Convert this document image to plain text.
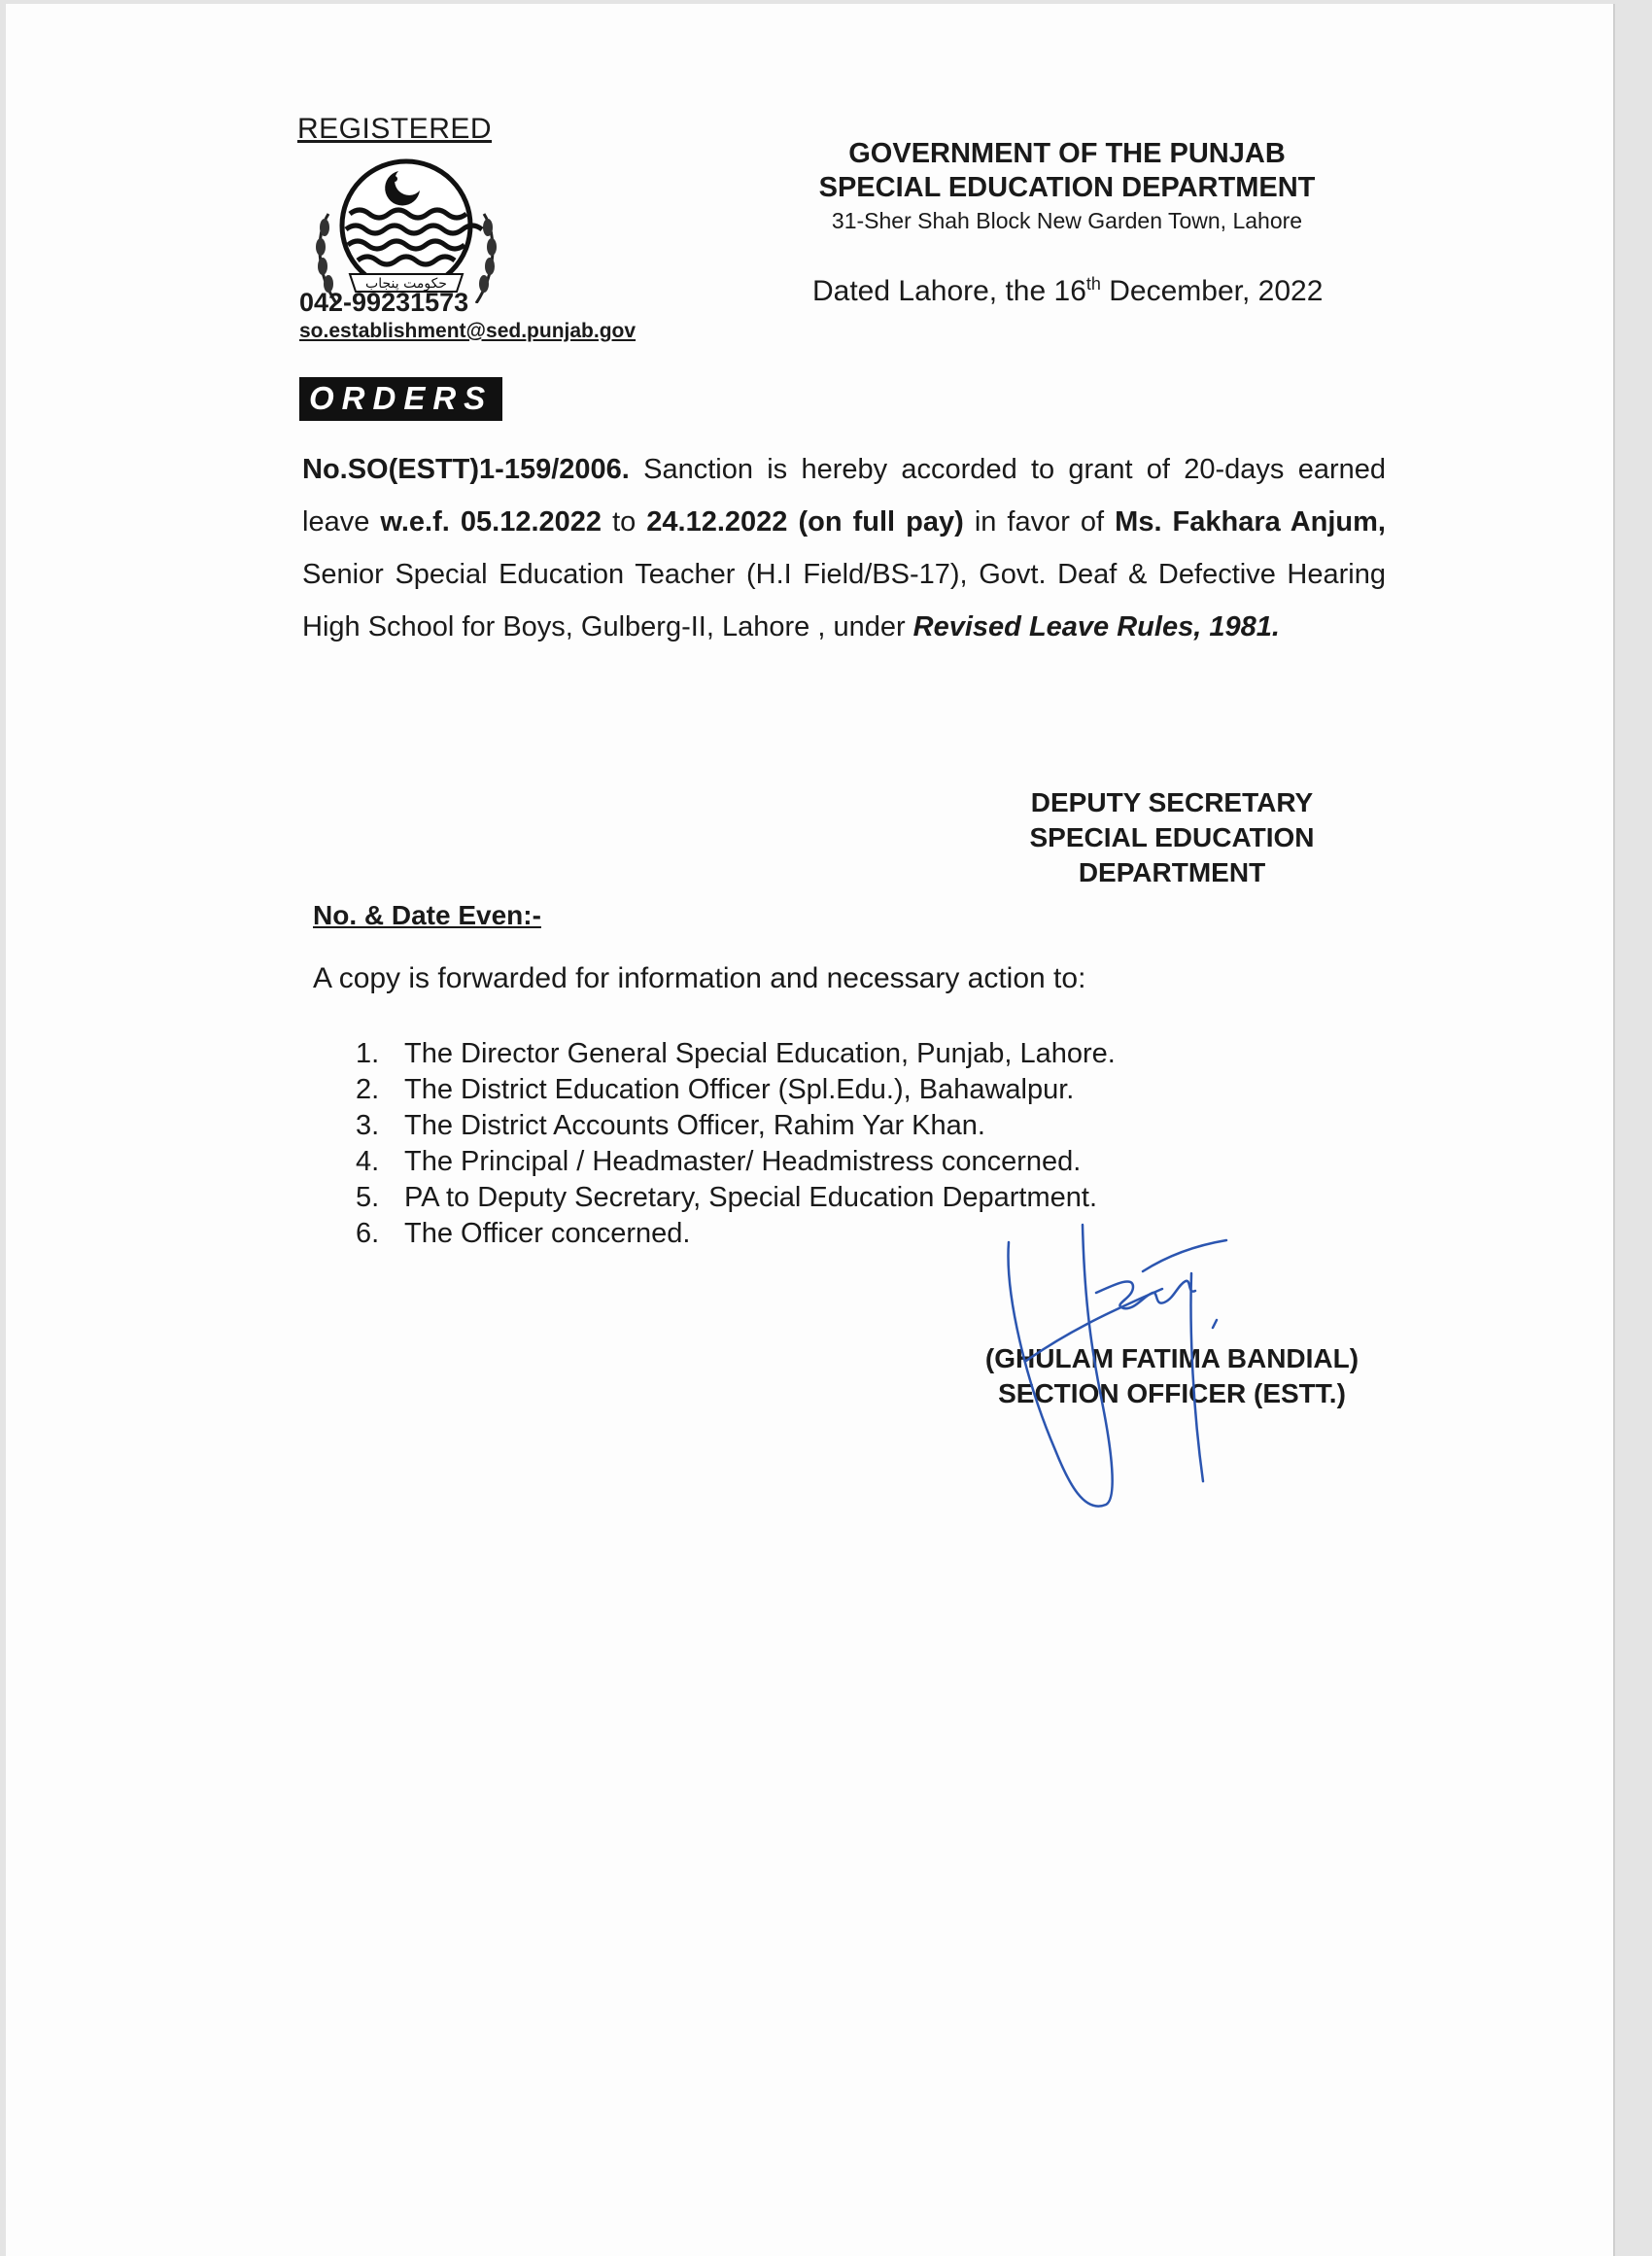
REGISTERED
حکومت پنجاب
042-99231573
so.establishment@sed.punjab.gov
GOVERNMENT OF THE PUNJAB
SPECIAL EDUCATION DEPARTMENT
31-Sher Shah Block New Garden Town, Lahore
Dated Lahore, the 16th December, 2022
ORDERS
No.SO(ESTT)1-159/2006. Sanction is hereby accorded to grant of 20-days earned leave w.e.f. 05.12.2022 to 24.12.2022 (on full pay) in favor of Ms. Fakhara Anjum, Senior Special Education Teacher (H.I Field/BS-17), Govt. Deaf & Defective Hearing High School for Boys, Gulberg-II, Lahore , under Revised Leave Rules, 1981.
DEPUTY SECRETARY
SPECIAL EDUCATION
DEPARTMENT
No. & Date Even:-
A copy is forwarded for information and necessary action to:
1. The Director General Special Education, Punjab, Lahore.
2. The District Education Officer (Spl.Edu.), Bahawalpur.
3. The District Accounts Officer, Rahim Yar Khan.
4. The Principal / Headmaster/ Headmistress concerned.
5. PA to Deputy Secretary, Special Education Department.
6. The Officer concerned.
(GHULAM FATIMA BANDIAL)
SECTION OFFICER (ESTT.)
